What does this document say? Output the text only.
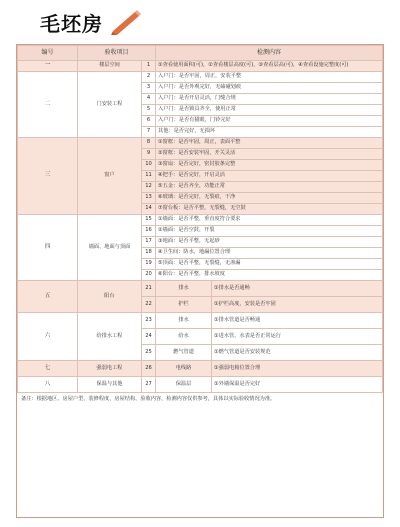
毛坯房
编号	验收项目		检测内容	
一	楼层空间	1	①查看使用面积(可)，②查看楼层高度(可)，③查看层高(可)，④查看设施完整度(可)	
二	门安装工程	2	入户门：是否牢固，周正，安装平整	
		3	入户门：是否外观完好，无磕碰划痕	
		4	入户门：是否开启灵活，门缝合规	
		5	入户门：是否锁具齐全，使用正常	
		6	入户门：是否有猫眼，门铃完好	
		7	其他：是否完好，无损坏	
三	窗户	8	①窗框：是否牢固，周正，表面平整	
		9	②窗框：是否安装牢固，开关灵活	
		10	③窗扇：是否完好，密封胶条完整	
		11	④把手：是否完好，开启灵活	
		12	⑤五金：是否齐全，功能正常	
		13	⑥玻璃：是否完好，无裂痕，干净	
		14	⑦窗台板：是否平整，无裂缝，无空鼓	
四	墙面、地面与顶面	15	①墙面：是否平整，垂直度符合要求	
		16	②墙面：是否空鼓，开裂	
		17	③地面：是否平整，无起砂	
		18	④卫生间：防水，地漏位置合理	
		19	⑤顶面：是否平整，无裂缝，无渗漏	
		20	⑥阳台：是否平整，排水坡度	
五	阳台	21	排水	①排水是否通畅
		22	护栏	①护栏高度，安装是否牢固
六	给排水工程	23	排水	①排水管道是否畅通
		24	给水	①进水管，水表是否正常运行
		25	燃气管道	①燃气管道是否安装规范
七	强弱电工程	26	电线路	①强弱电箱位置合理
八	保温与其他	27	保温层	①外墙保温是否完好
备注：根据地区、房屋户型、装修程度、房屋结构、验收内容，检测内容仅供参考，具体以实际验收情况为准。
